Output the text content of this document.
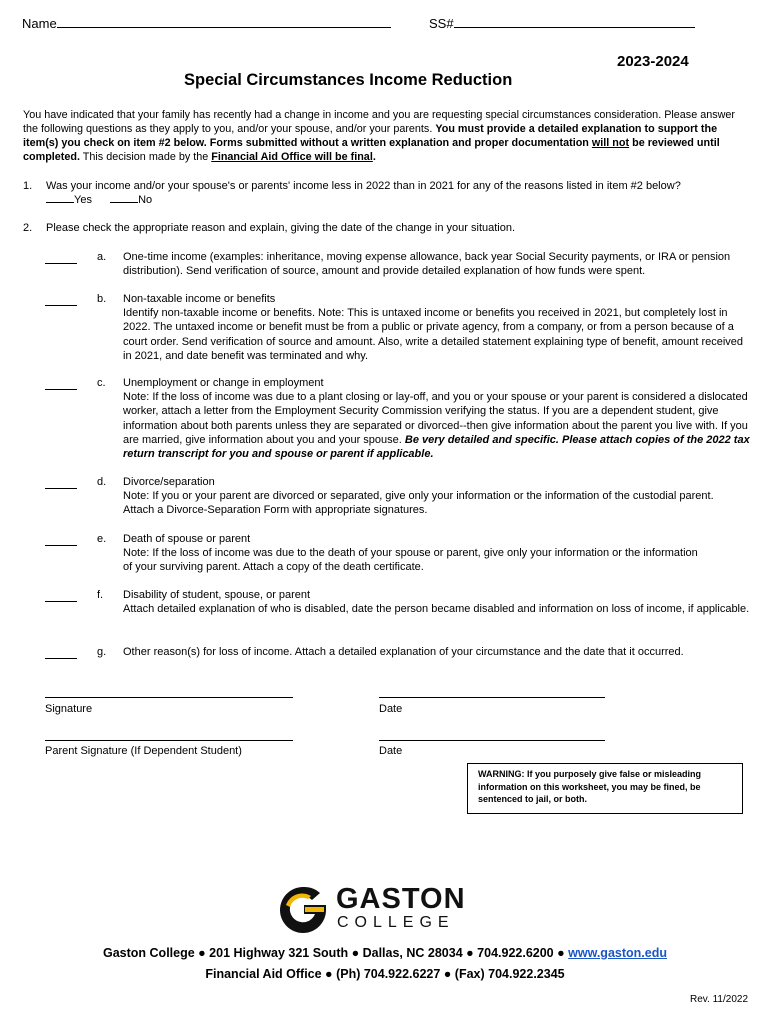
Name	SS#
2023-2024
Special Circumstances Income Reduction
You have indicated that your family has recently had a change in income and you are requesting special circumstances consideration. Please answer the following questions as they apply to you, and/or your spouse, and/or your parents. You must provide a detailed explanation to support the item(s) you check on item #2 below. Forms submitted without a written explanation and proper documentation will not be reviewed until completed. This decision made by the Financial Aid Office will be final.
1. Was your income and/or your spouse's or parents' income less in 2022 than in 2021 for any of the reasons listed in item #2 below?
Yes	No
2. Please check the appropriate reason and explain, giving the date of the change in your situation.
a. One-time income (examples: inheritance, moving expense allowance, back year Social Security payments, or IRA or pension distribution). Send verification of source, amount and provide detailed explanation of how funds were spent.
b. Non-taxable income or benefits
Identify non-taxable income or benefits. Note: This is untaxed income or benefits you received in 2021, but completely lost in 2022. The untaxed income or benefit must be from a public or private agency, from a company, or from a person because of a court order. Send verification of source and amount. Also, write a detailed statement explaining type of benefit, amount received in 2021, and date benefit was terminated and why.
c. Unemployment or change in employment
Note: If the loss of income was due to a plant closing or lay-off, and you or your spouse or your parent is considered a dislocated worker, attach a letter from the Employment Security Commission verifying the status. If you are a dependent student, give information about both parents unless they are separated or divorced--then give information about the parent you live with. If you are married, give information about you and your spouse. Be very detailed and specific. Please attach copies of the 2022 tax return transcript for you and spouse or parent if applicable.
d. Divorce/separation
Note: If you or your parent are divorced or separated, give only your information or the information of the custodial parent. Attach a Divorce-Separation Form with appropriate signatures.
e. Death of spouse or parent
Note: If the loss of income was due to the death of your spouse or parent, give only your information or the information of your surviving parent. Attach a copy of the death certificate.
f. Disability of student, spouse, or parent
Attach detailed explanation of who is disabled, date the person became disabled and information on loss of income, if applicable.
g. Other reason(s) for loss of income. Attach a detailed explanation of your circumstance and the date that it occurred.
Signature	Date
Parent Signature (If Dependent Student)	Date
WARNING: If you purposely give false or misleading information on this worksheet, you may be fined, be sentenced to jail, or both.
GASTON
COLLEGE
Gaston College ● 201 Highway 321 South ● Dallas, NC 28034 ● 704.922.6200 ● www.gaston.edu
Financial Aid Office ● (Ph) 704.922.6227 ● (Fax) 704.922.2345
Rev. 11/2022
